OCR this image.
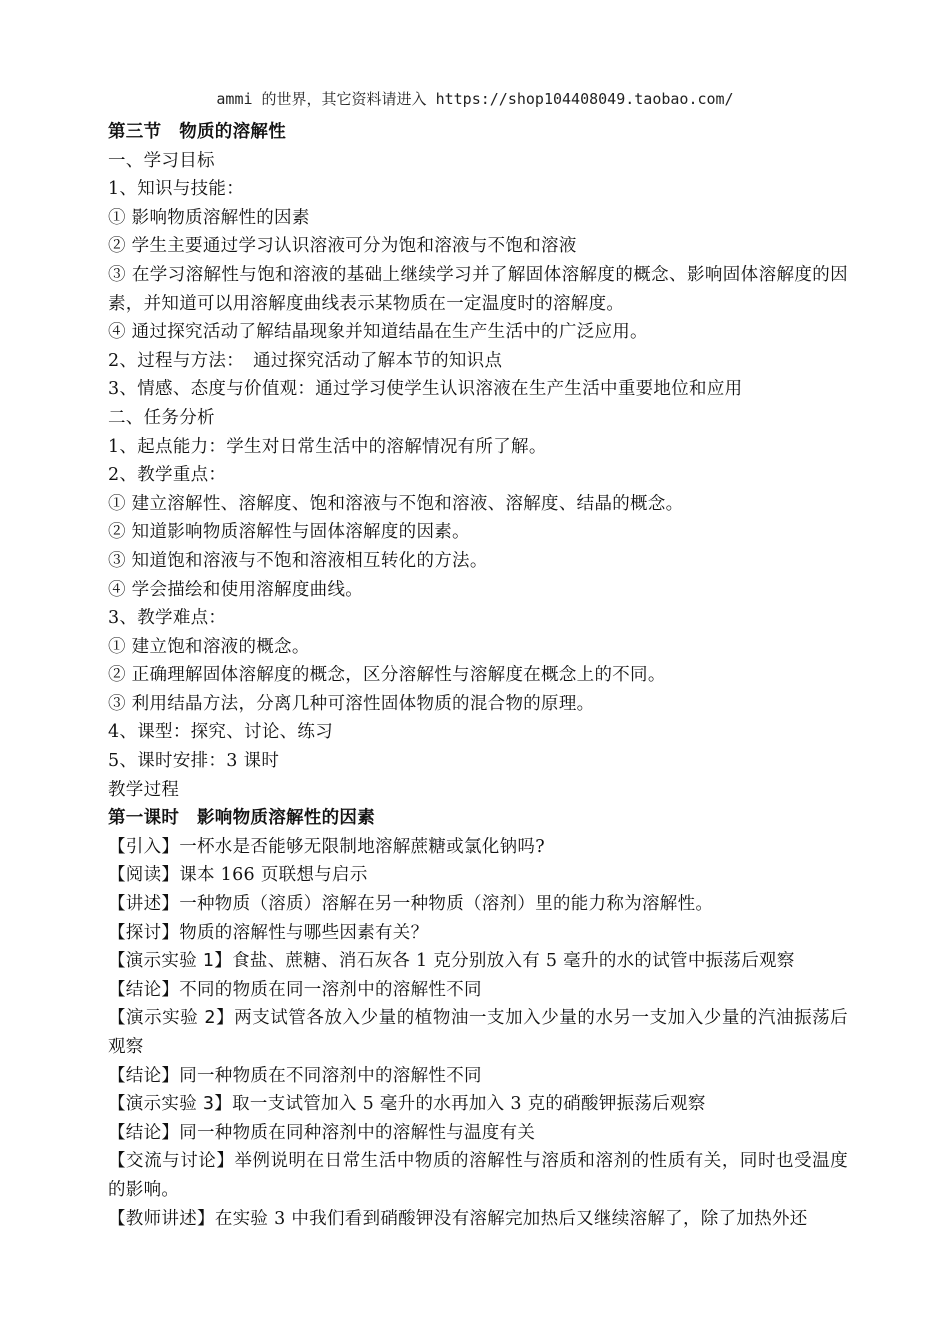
ammi 的世界，其它资料请进入 https://shop104408049.taobao.com/
第三节　物质的溶解性
一、学习目标
1、知识与技能：
① 影响物质溶解性的因素
② 学生主要通过学习认识溶液可分为饱和溶液与不饱和溶液
③ 在学习溶解性与饱和溶液的基础上继续学习并了解固体溶解度的概念、影响固体溶解度的因素，并知道可以用溶解度曲线表示某物质在一定温度时的溶解度。
④ 通过探究活动了解结晶现象并知道结晶在生产生活中的广泛应用。
2、过程与方法：　通过探究活动了解本节的知识点
3、情感、态度与价值观：通过学习使学生认识溶液在生产生活中重要地位和应用
二、任务分析
1、起点能力：学生对日常生活中的溶解情况有所了解。
2、教学重点：
① 建立溶解性、溶解度、饱和溶液与不饱和溶液、溶解度、结晶的概念。
② 知道影响物质溶解性与固体溶解度的因素。
③ 知道饱和溶液与不饱和溶液相互转化的方法。
④ 学会描绘和使用溶解度曲线。
3、教学难点：
① 建立饱和溶液的概念。
② 正确理解固体溶解度的概念，区分溶解性与溶解度在概念上的不同。
③ 利用结晶方法，分离几种可溶性固体物质的混合物的原理。
4、课型：探究、讨论、练习
5、课时安排：3 课时
教学过程
第一课时　影响物质溶解性的因素
【引入】一杯水是否能够无限制地溶解蔗糖或氯化钠吗?
【阅读】课本 166 页联想与启示
【讲述】一种物质（溶质）溶解在另一种物质（溶剂）里的能力称为溶解性。
【探讨】物质的溶解性与哪些因素有关？
【演示实验 1】食盐、蔗糖、消石灰各 1 克分别放入有 5 毫升的水的试管中振荡后观察
【结论】不同的物质在同一溶剂中的溶解性不同
【演示实验 2】两支试管各放入少量的植物油一支加入少量的水另一支加入少量的汽油振荡后观察
【结论】同一种物质在不同溶剂中的溶解性不同
【演示实验 3】取一支试管加入 5 毫升的水再加入 3 克的硝酸钾振荡后观察
【结论】同一种物质在同种溶剂中的溶解性与温度有关
【交流与讨论】举例说明在日常生活中物质的溶解性与溶质和溶剂的性质有关，同时也受温度的影响。
【教师讲述】在实验 3 中我们看到硝酸钾没有溶解完加热后又继续溶解了，除了加热外还
